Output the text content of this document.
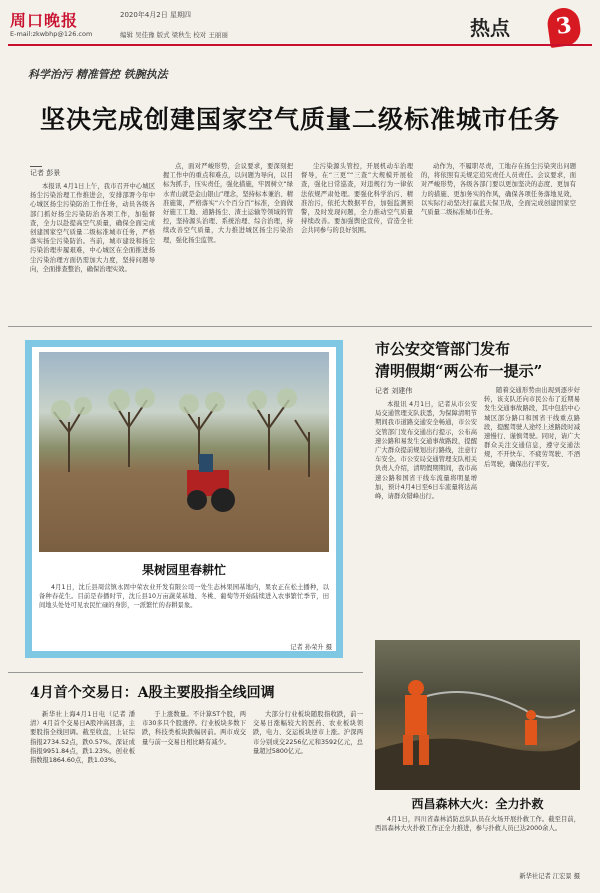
周口晚报	2020年4月2日 星期四
E-mail:zkwbhp@126.com	编辑 吴佳豫 版式 梁秋生 校对 王丽丽	热点	3
科学治污 精准管控 铁腕执法
坚决完成创建国家空气质量二级标准城市任务
记者 彭景
本报讯 4月1日上午，我市召开中心城区扬尘污染治理工作推进会，安排部署今年中心城区扬尘污染防治工作任务，动员各级各部门抓好扬尘污染防治各项工作，加强督查，全力以赴提高空气质量，确保全面完成创建国家空气质量二级标准城市任务，严格落实扬尘污染防治。当前，城市建设和扬尘污染治理步履艰难，中心城区在全面推进扬尘污染治理方面仍需加大力度，坚持问题导向，全面排查整治，确保治理实效。
点，面对严峻形势，会议要求，要深刻把握工作中的重点和难点，以问题为导向，以目标为抓手，压实责任，强化措施，牢固树立“绿水青山就是金山银山”理念，坚持标本兼治、精准施策，严格落实“六个百分百”标准，全面做好施工工地、道路扬尘、渣土运输等领域的管控，坚持源头治理、系统治理、综合治理，持续改善空气质量，大力推进城区扬尘污染治理，强化扬尘监管。
尘污染源头管控，开展机动车治理督导，在“三更”“三查”大规模开展检查，强化日常巡查，对违规行为一律依法依规严肃处理。要强化科学治污、精准治污，依托大数据平台，加强监测预警，及时发现问题，全力推动空气质量持续改善。要加强舆论宣传，营造全社会共同参与的良好氛围。
动作为，不履职尽责，工地存在扬尘污染突出问题的，将依照有关规定追究责任人员责任。会议要求，面对严峻形势，各级各部门要以更加坚决的态度、更加有力的措施、更加务实的作风，确保各项任务落地见效，以实际行动坚决打赢蓝天保卫战，全面完成创建国家空气质量二级标准城市任务。
果树园里春耕忙
4月1日，沈丘县周营镇永固中荣农业开发有限公司一处生态林果园基地内，果农正在松土播种，以备种春花生。目前是春播时节，沈丘县10万亩蔬菜基地、冬桃、葡萄等开始陆续进入农事繁忙季节，田间地头处处可见农民忙碌的身影，一派繁忙的春耕景象。
记者 孙荣升 摄
市公安交管部门发布
清明假期“两公布一提示”
记者 刘建伟
本报讯 4月1日，记者从市公安局交通管理支队获悉，为保障清明节期间我市道路交通安全畅通，市公安交管部门发布交通出行提示，公布高速公路和易发生交通事故路段，提醒广大群众提前规划出行路线，注意行车安全。市公安局交通管理支队相关负责人介绍，清明假期期间，我市高速公路和国省干线车流量将明显增加，预计4月4日至6日车流量将达高峰，请群众错峰出行。
随着交通形势由出现到逐步好转，该支队还向市民公布了近期易发生交通事故路段，其中包括中心城区部分路口和国省干线重点路段，提醒驾驶人途经上述路段时减速慢行、谨慎驾驶。同时，请广大群众关注交通信息，遵守交通法规，不开快车、不疲劳驾驶、不酒后驾驶，确保出行平安。
4月首个交易日：A股主要股指全线回调
新华社上海4月1日电（记者 潘清）4月首个交易日A股冲高回落，主要股指全线回调。截至收盘，上证综指报2734.52点，跌0.57%。深证成指报9951.84点，跌1.23%。创业板指数报1864.60点，跌1.03%。
于上涨数量。不计算ST个股，两市30多只个股涨停。行业板块多数下跌，科技类板块跌幅居前。两市成交量与前一交易日相比略有减少。
大部分行业板块随股指收跌，前一交易日涨幅较大的医药、农业板块领跌，电力、交运板块逆市上涨。沪深两市分别成交2256亿元和3592亿元，总量超过5800亿元。
西昌森林大火：全力扑救
4月1日，四川省森林消防总队队员在火场开展扑救工作。截至目前，西昌森林大火扑救工作正全力推进，参与扑救人员已达2000余人。
新华社记者 江宏景 摄
